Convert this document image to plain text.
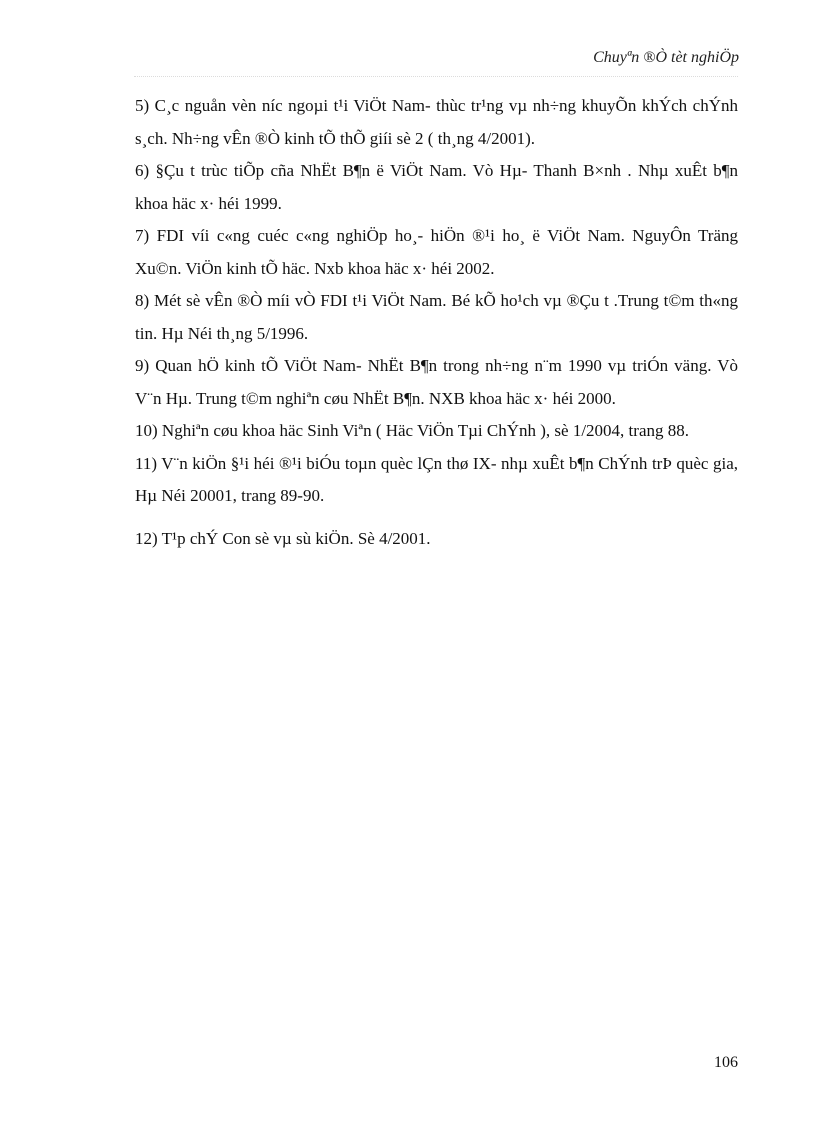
Chuyªn ®Ò tèt nghiÖp

5) C¸c nguån vèn níc ngoµi t¹i ViÖt Nam- thùc tr¹ng vµ nh÷ng khuyÕn khÝch chÝnh s¸ch. Nh÷ng vÊn ®Ò kinh tÕ thÕ giíi sè 2 ( th¸ng 4/2001).

6) §Çu t trùc tiÕp cña NhËt B¶n ë ViÖt Nam. Vò Hµ- Thanh B×nh . Nhµ xuÊt b¶n khoa häc x· héi 1999.

7) FDI víi c«ng cuéc c«ng nghiÖp ho¸- hiÖn ®¹i ho¸ ë ViÖt Nam. NguyÔn Träng Xu©n. ViÖn kinh tÕ häc. Nxb khoa häc x· héi 2002.

8) Mét sè vÊn ®Ò míi vÒ FDI t¹i ViÖt Nam. Bé kÕ ho¹ch vµ ®Çu t .Trung t©m th«ng tin. Hµ Néi th¸ng 5/1996.

9) Quan hÖ kinh tÕ ViÖt Nam- NhËt B¶n trong nh÷ng n¨m 1990 vµ triÓn väng. Vò V¨n Hµ. Trung t©m nghiªn cøu NhËt B¶n. NXB khoa häc x· héi 2000.

10) Nghiªn cøu khoa häc Sinh Viªn ( Häc ViÖn Tµi ChÝnh ), sè 1/2004, trang 88.

11) V¨n kiÖn §¹i héi ®¹i biÓu toµn quèc lÇn thø IX- nhµ xuÊt b¶n ChÝnh trÞ quèc gia, Hµ Néi 20001, trang 89-90.

12) T¹p chÝ Con sè vµ sù kiÖn. Sè 4/2001.

106
